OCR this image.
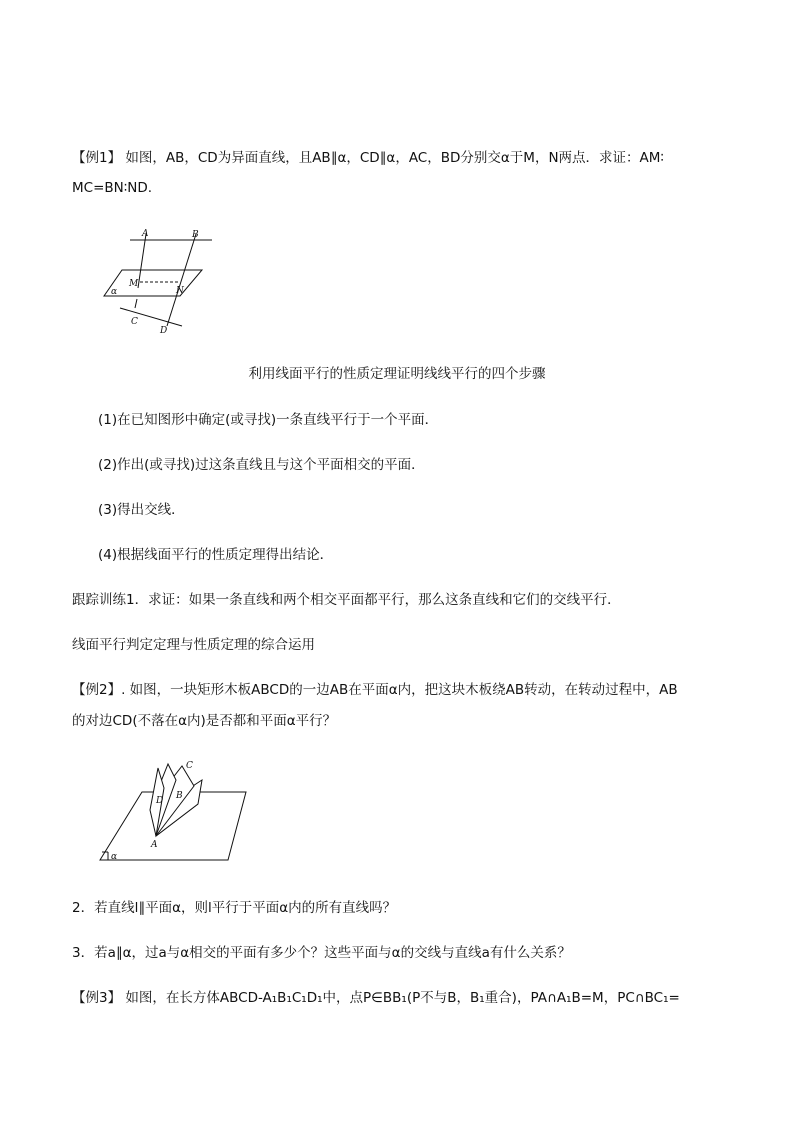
【例1】 如图，AB，CD为异面直线，且AB∥α，CD∥α，AC，BD分别交α于M，N两点．求证：AM∶
MC=BN∶ND.
A	B
M
N
α
C
D
利用线面平行的性质定理证明线线平行的四个步骤
(1)在已知图形中确定(或寻找)一条直线平行于一个平面．
(2)作出(或寻找)过这条直线且与这个平面相交的平面．
(3)得出交线．
(4)根据线面平行的性质定理得出结论．
跟踪训练1．求证：如果一条直线和两个相交平面都平行，那么这条直线和它们的交线平行．
线面平行判定定理与性质定理的综合运用
【例2】. 如图，一块矩形木板ABCD的一边AB在平面α内，把这块木板绕AB转动，在转动过程中，AB
的对边CD(不落在α内)是否都和平面α平行？
C
D B
A
α
2．若直线l∥平面α，则l平行于平面α内的所有直线吗？
3．若a∥α，过a与α相交的平面有多少个？这些平面与α的交线与直线a有什么关系？
【例3】 如图，在长方体ABCD-A₁B₁C₁D₁中，点P∈BB₁(P不与B，B₁重合)，PA∩A₁B=M，PC∩BC₁=
